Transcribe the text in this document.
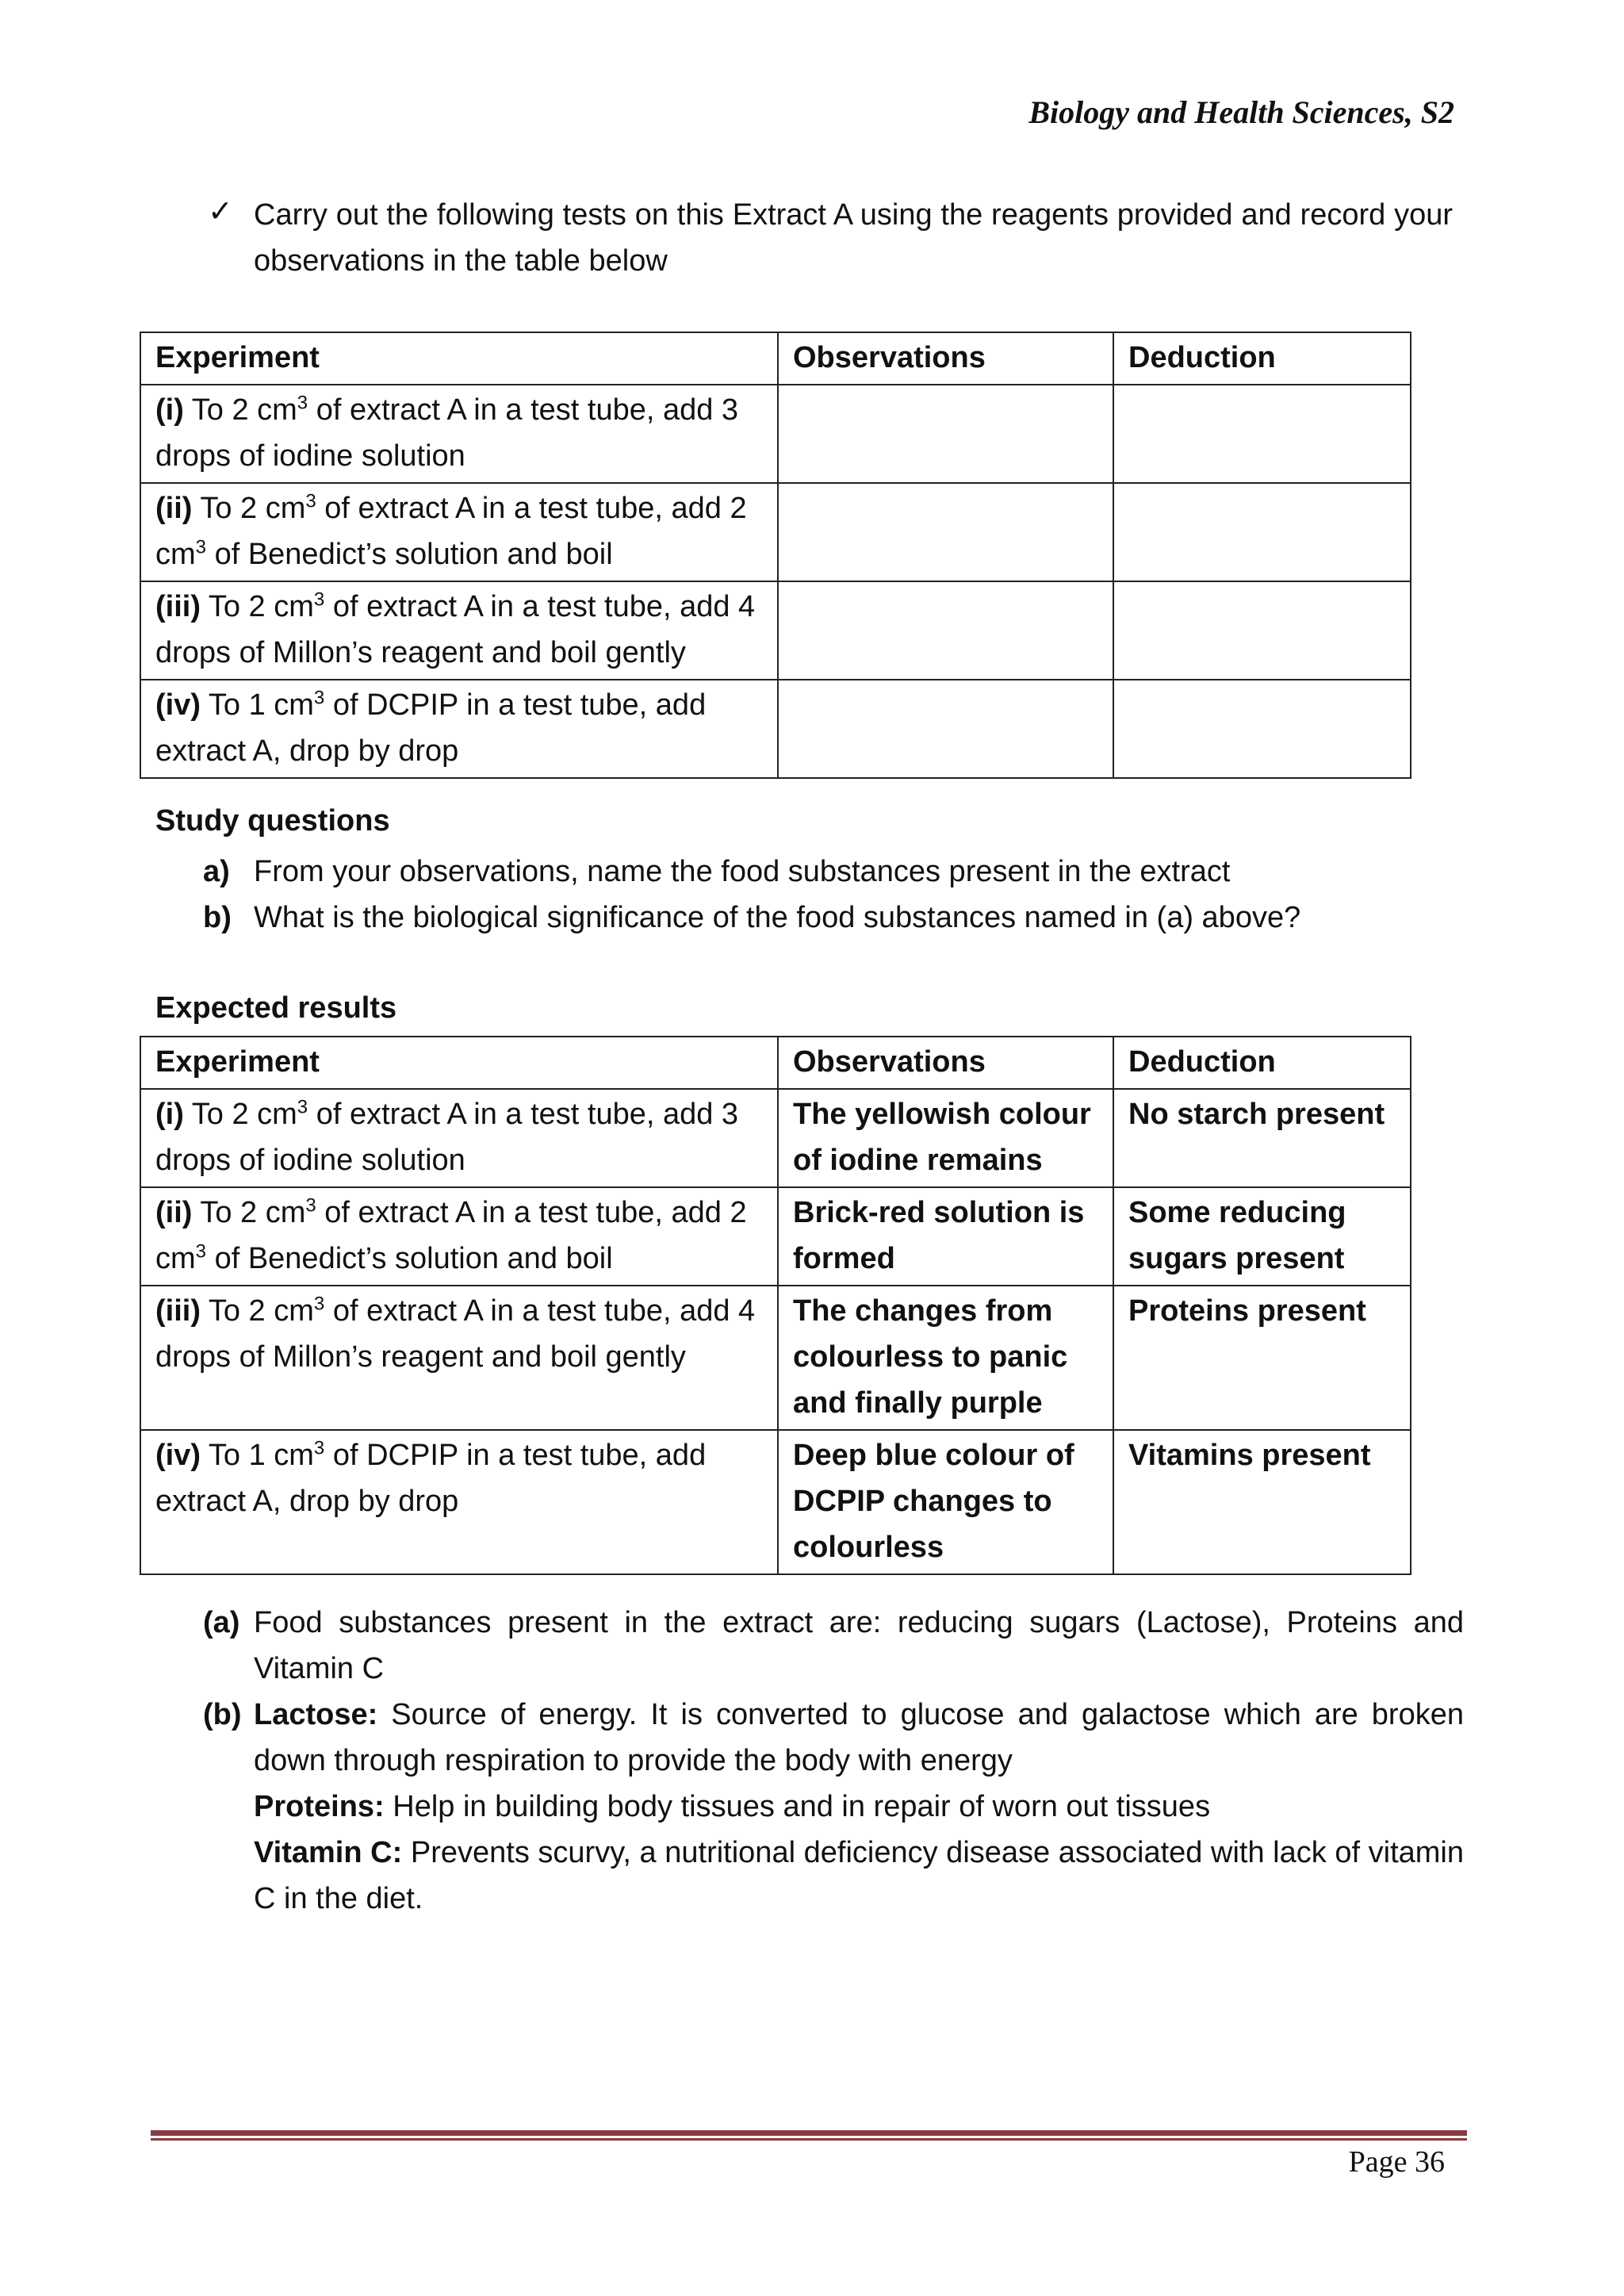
Biology and Health Sciences, S2
✓ Carry out the following tests on this Extract A using the reagents provided and record your observations in the table below
Experiment	Observations	Deduction
(i) To 2 $cm^3$ of extract A in a test tube, add 3 drops of iodine solution		
(ii) To 2 $cm^3$ of extract A in a test tube, add 2 $cm^3$ of Benedict’s solution and boil		
(iii) To 2 $cm^3$ of extract A in a test tube, add 4 drops of Millon’s reagent and boil gently		
(iv) To 1 $cm^3$ of DCPIP in a test tube, add extract A, drop by drop		
Study questions
a) From your observations, name the food substances present in the extract
b) What is the biological significance of the food substances named in (a) above?
Expected results
Experiment	Observations	Deduction
(i) To 2 $cm^3$ of extract A in a test tube, add 3 drops of iodine solution	The yellowish colour of iodine remains	No starch present
(ii) To 2 $cm^3$ of extract A in a test tube, add 2 $cm^3$ of Benedict’s solution and boil	Brick-red solution is formed	Some reducing sugars present
(iii) To 2 $cm^3$ of extract A in a test tube, add 4 drops of Millon’s reagent and boil gently	The changes from colourless to panic and finally purple	Proteins present
(iv) To 1 $cm^3$ of DCPIP in a test tube, add extract A, drop by drop	Deep blue colour of DCPIP changes to colourless	Vitamins present
(a) Food substances present in the extract are: reducing sugars (Lactose), Proteins and Vitamin C
(b) Lactose: Source of energy. It is converted to glucose and galactose which are broken down through respiration to provide the body with energy
Proteins: Help in building body tissues and in repair of worn out tissues
Vitamin C: Prevents scurvy, a nutritional deficiency disease associated with lack of vitamin C in the diet.
Page 36
